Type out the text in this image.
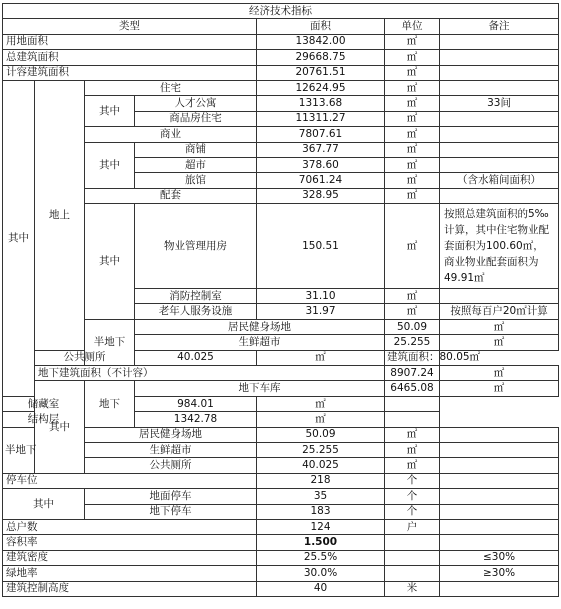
经济技术指标							
类型				面积	单位	备注	
用地面积				13842.00	㎡		
总建筑面积				29668.75	㎡		
计容建筑面积				20761.51	㎡		
其中	地上	住宅		12624.95	㎡		
		其中	人才公寓	1313.68	㎡	33间	
			商品房住宅	11311.27	㎡		
		商业		7807.61	㎡		
		其中	商铺	367.77	㎡		
			超市	378.60	㎡		
			旅馆	7061.24	㎡	（含水箱间面积）	
		配套		328.95	㎡		
		其中	物业管理用房	150.51	㎡	按照总建筑面积的5‰计算，其中住宅物业配套面积为100.60㎡，商业物业配套面积为49.91㎡	
			消防控制室	31.10	㎡		
			老年人服务设施	31.97	㎡	按照每百户20㎡计算	
		半地下	居民健身场地		50.09	㎡	
			生鲜超市		25.255	㎡	
	公共厕所		40.025	㎡	建筑面积：80.05㎡		
	地下建筑面积（不计容）				8907.24	㎡	
	其中	地下	地下车库		6465.08	㎡	
储藏室			984.01	㎡			
结构层			1342.78	㎡			
半地下		居民健身场地		50.09	㎡		
		生鲜超市		25.255	㎡		
		公共厕所		40.025	㎡		
停车位				218	个		
其中		地面停车		35	个		
		地下停车		183	个		
总户数				124	户		
容积率				1.500			
建筑密度				25.5%		≤30%	
绿地率				30.0%		≥30%	
建筑控制高度				40	米		
